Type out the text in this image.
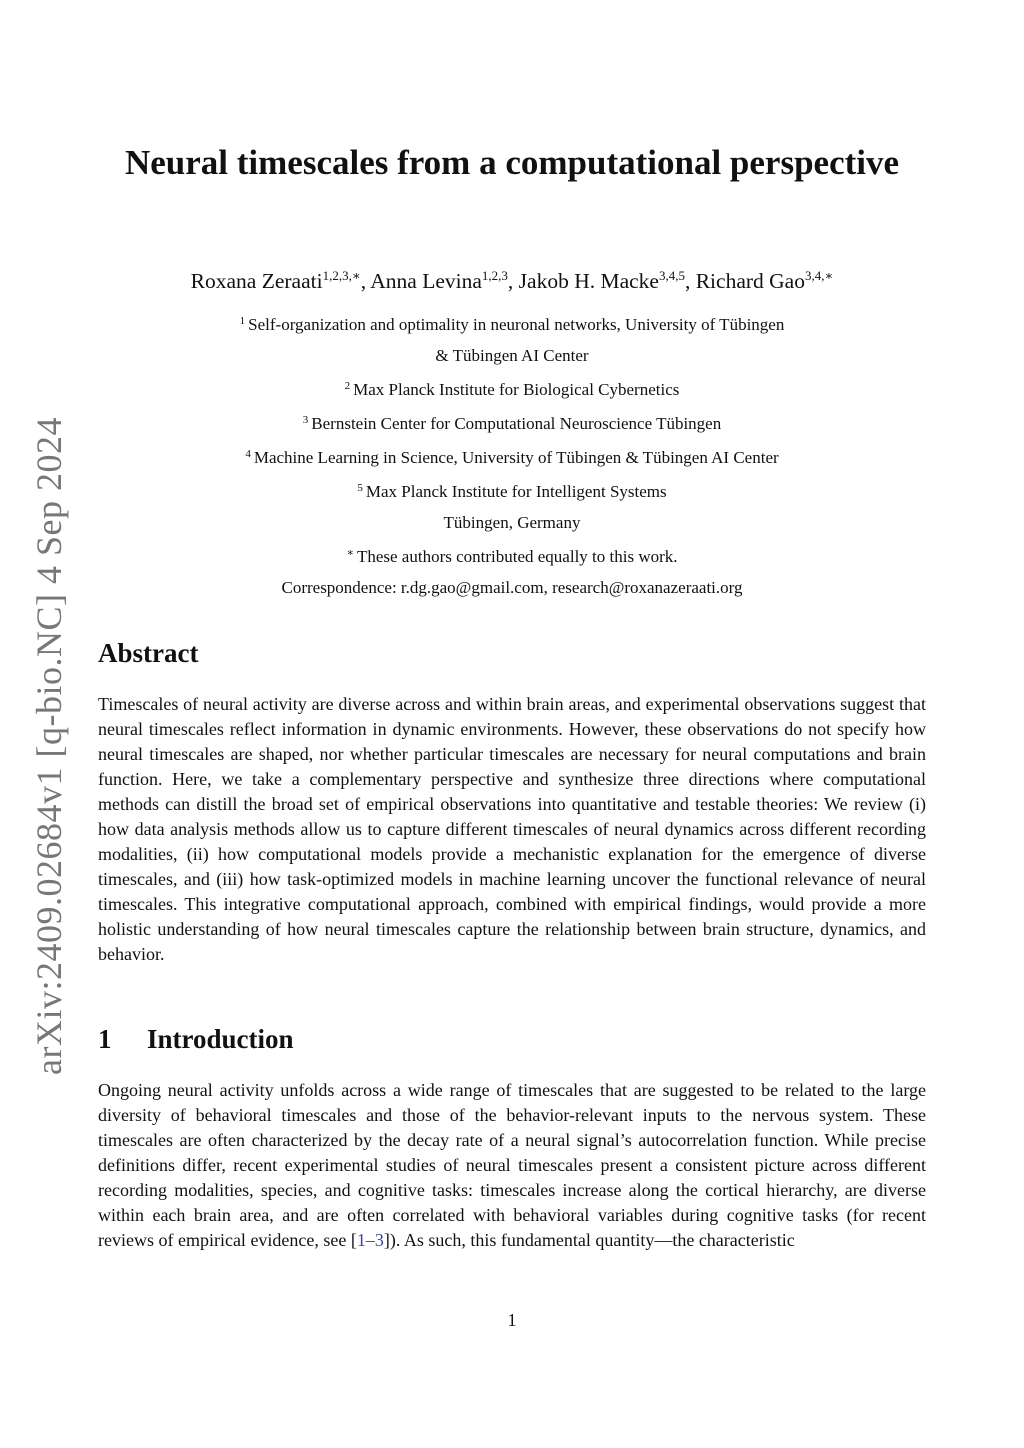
arXiv:2409.02684v1 [q-bio.NC] 4 Sep 2024
Neural timescales from a computational perspective
Roxana Zeraati$^{1,2,3,∗}$, Anna Levina$^{1,2,3}$, Jakob H. Macke$^{3,4,5}$, Richard Gao$^{3,4,∗}$
$^1$ Self-organization and optimality in neuronal networks, University of Tübingen
& Tübingen AI Center
$^2$ Max Planck Institute for Biological Cybernetics
$^3$ Bernstein Center for Computational Neuroscience Tübingen
$^4$ Machine Learning in Science, University of Tübingen & Tübingen AI Center
$^5$ Max Planck Institute for Intelligent Systems
Tübingen, Germany
∗ These authors contributed equally to this work.
Correspondence: r.dg.gao@gmail.com, research@roxanazeraati.org
Abstract

Timescales of neural activity are diverse across and within brain areas, and experimental observations suggest that neural timescales reflect information in dynamic environments. However, these observations do not specify how neural timescales are shaped, nor whether particular timescales are necessary for neural computations and brain function. Here, we take a complementary perspective and synthesize three directions where computational methods can distill the broad set of empirical observations into quantitative and testable theories: We review (i) how data analysis methods allow us to capture different timescales of neural dynamics across different recording modalities, (ii) how computational models provide a mechanistic explanation for the emergence of diverse timescales, and (iii) how task-optimized models in machine learning uncover the functional relevance of neural timescales. This integrative computational approach, combined with empirical findings, would provide a more holistic understanding of how neural timescales capture the relationship between brain structure, dynamics, and behavior.

1 Introduction

Ongoing neural activity unfolds across a wide range of timescales that are suggested to be related to the large diversity of behavioral timescales and those of the behavior-relevant inputs to the nervous system. These timescales are often characterized by the decay rate of a neural signal’s autocorrelation function. While precise definitions differ, recent experimental studies of neural timescales present a consistent picture across different recording modalities, species, and cognitive tasks: timescales increase along the cortical hierarchy, are diverse within each brain area, and are often correlated with behavioral variables during cognitive tasks (for recent reviews of empirical evidence, see [1–3]). As such, this fundamental quantity—the characteristic

1
